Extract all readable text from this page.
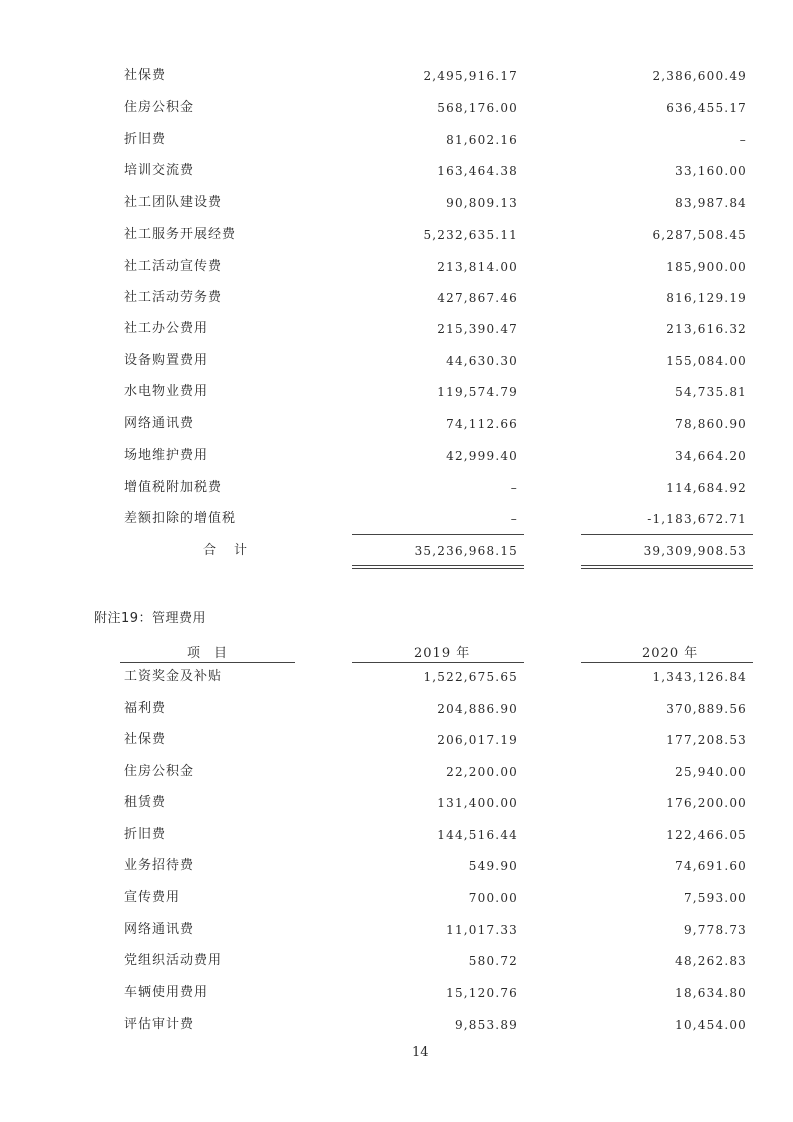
社保费	2,495,916.17	2,386,600.49
住房公积金	568,176.00	636,455.17
折旧费	81,602.16	–
培训交流费	163,464.38	33,160.00
社工团队建设费	90,809.13	83,987.84
社工服务开展经费	5,232,635.11	6,287,508.45
社工活动宣传费	213,814.00	185,900.00
社工活动劳务费	427,867.46	816,129.19
社工办公费用	215,390.47	213,616.32
设备购置费用	44,630.30	155,084.00
水电物业费用	119,574.79	54,735.81
网络通讯费	74,112.66	78,860.90
场地维护费用	42,999.40	34,664.20
增值税附加税费	–	114,684.92
差额扣除的增值税	–	-1,183,672.71
合计	35,236,968.15	39,309,908.53
附注19：管理费用
项目	2019 年	2020 年
工资奖金及补贴	1,522,675.65	1,343,126.84
福利费	204,886.90	370,889.56
社保费	206,017.19	177,208.53
住房公积金	22,200.00	25,940.00
租赁费	131,400.00	176,200.00
折旧费	144,516.44	122,466.05
业务招待费	549.90	74,691.60
宣传费用	700.00	7,593.00
网络通讯费	11,017.33	9,778.73
党组织活动费用	580.72	48,262.83
车辆使用费用	15,120.76	18,634.80
评估审计费	9,853.89	10,454.00
14
